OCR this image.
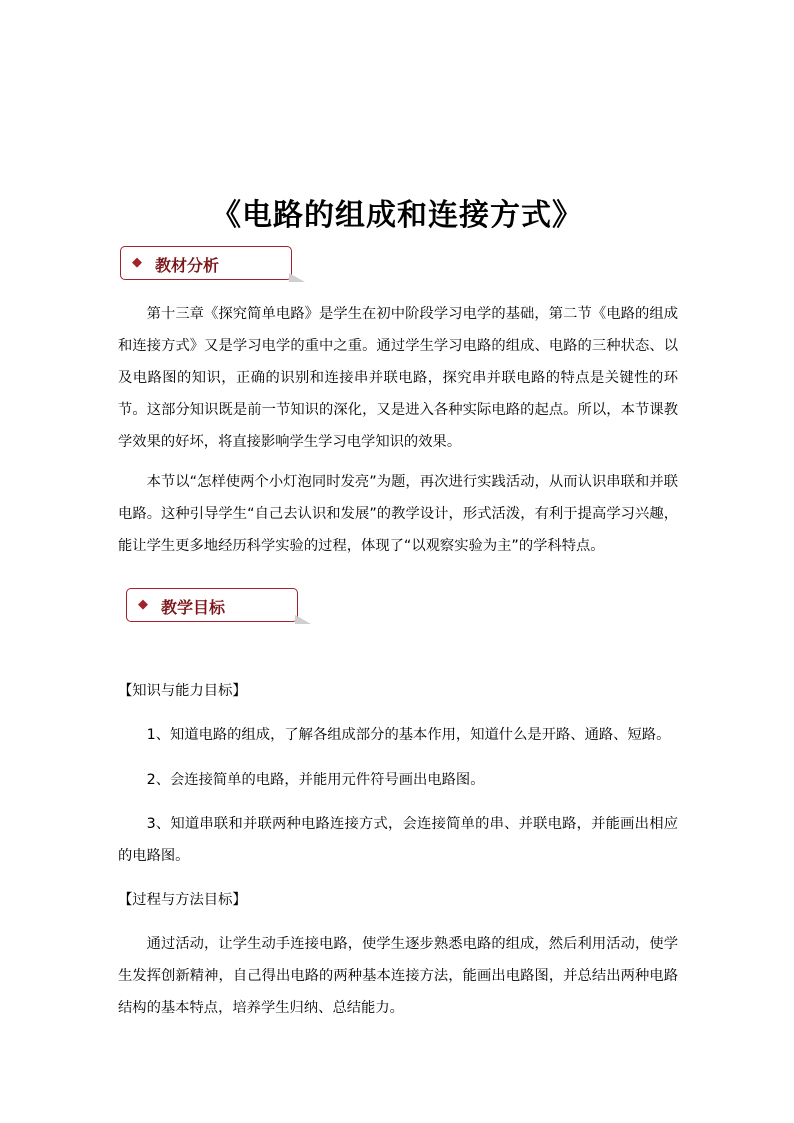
《电路的组成和连接方式》
◆ 教材分析

第十三章《探究简单电路》是学生在初中阶段学习电学的基础，第二节《电路的组成和连接方式》又是学习电学的重中之重。通过学生学习电路的组成、电路的三种状态、以及电路图的知识，正确的识别和连接串并联电路，探究串并联电路的特点是关键性的环节。这部分知识既是前一节知识的深化，又是进入各种实际电路的起点。所以，本节课教学效果的好坏，将直接影响学生学习电学知识的效果。

本节以“怎样使两个小灯泡同时发亮”为题，再次进行实践活动，从而认识串联和并联电路。这种引导学生“自己去认识和发展”的教学设计，形式活泼，有利于提高学习兴趣，能让学生更多地经历科学实验的过程，体现了“以观察实验为主”的学科特点。

◆ 教学目标

【知识与能力目标】

1、知道电路的组成，了解各组成部分的基本作用，知道什么是开路、通路、短路。

2、会连接简单的电路，并能用元件符号画出电路图。

3、知道串联和并联两种电路连接方式，会连接简单的串、并联电路，并能画出相应的电路图。

【过程与方法目标】

通过活动，让学生动手连接电路，使学生逐步熟悉电路的组成，然后利用活动，使学生发挥创新精神，自己得出电路的两种基本连接方法，能画出电路图，并总结出两种电路结构的基本特点，培养学生归纳、总结能力。
